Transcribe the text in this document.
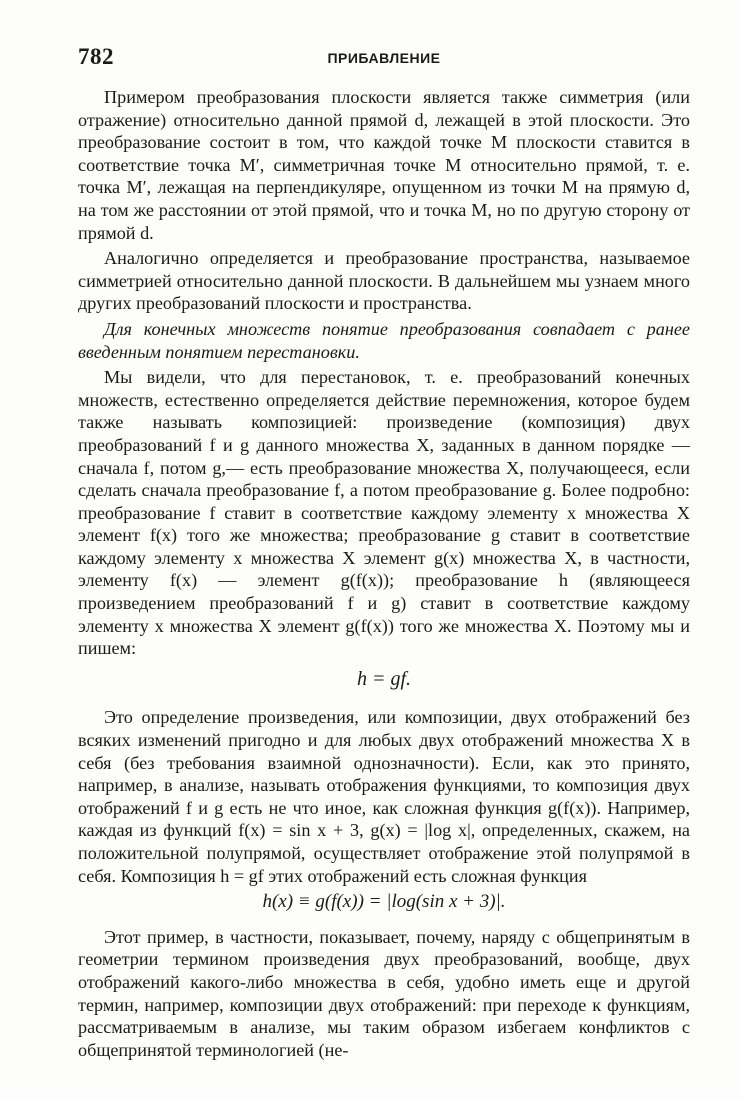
782	ПРИБАВЛЕНИЕ

Примером преобразования плоскости является также симметрия (или отражение) относительно данной прямой d, лежащей в этой плоскости. Это преобразование состоит в том, что каждой точке M плоскости ставится в соответствие точка M′, симметричная точке M относительно прямой, т. е. точка M′, лежащая на перпендикуляре, опущенном из точки M на прямую d, на том же расстоянии от этой прямой, что и точка M, но по другую сторону от прямой d.

Аналогично определяется и преобразование пространства, называемое симметрией относительно данной плоскости. В дальнейшем мы узнаем много других преобразований плоскости и пространства.

Для конечных множеств понятие преобразования совпадает с ранее введенным понятием перестановки.

Мы видели, что для перестановок, т. е. преобразований конечных множеств, естественно определяется действие перемножения, которое будем также называть композицией: произведение (композиция) двух преобразований f и g данного множества X, заданных в данном порядке — сначала f, потом g,— есть преобразование множества X, получающееся, если сделать сначала преобразование f, а потом преобразование g. Более подробно: преобразование f ставит в соответствие каждому элементу x множества X элемент f(x) того же множества; преобразование g ставит в соответствие каждому элементу x множества X элемент g(x) множества X, в частности, элементу f(x) — элемент g(f(x)); преобразование h (являющееся произведением преобразований f и g) ставит в соответствие каждому элементу x множества X элемент g(f(x)) того же множества X. Поэтому мы и пишем:

h = gf.

Это определение произведения, или композиции, двух отображений без всяких изменений пригодно и для любых двух отображений множества X в себя (без требования взаимной однозначности). Если, как это принято, например, в анализе, называть отображения функциями, то композиция двух отображений f и g есть не что иное, как сложная функция g(f(x)). Например, каждая из функций f(x) = sin x + 3, g(x) = |log x|, определенных, скажем, на положительной полупрямой, осуществляет отображение этой полупрямой в себя. Композиция h = gf этих отображений есть сложная функция

h(x) ≡ g(f(x)) = |log(sin x + 3)|.

Этот пример, в частности, показывает, почему, наряду с общепринятым в геометрии термином произведения двух преобразований, вообще, двух отображений какого-либо множества в себя, удобно иметь еще и другой термин, например, композиции двух отображений: при переходе к функциям, рассматриваемым в анализе, мы таким образом избегаем конфликтов с общепринятой терминологией (не-
